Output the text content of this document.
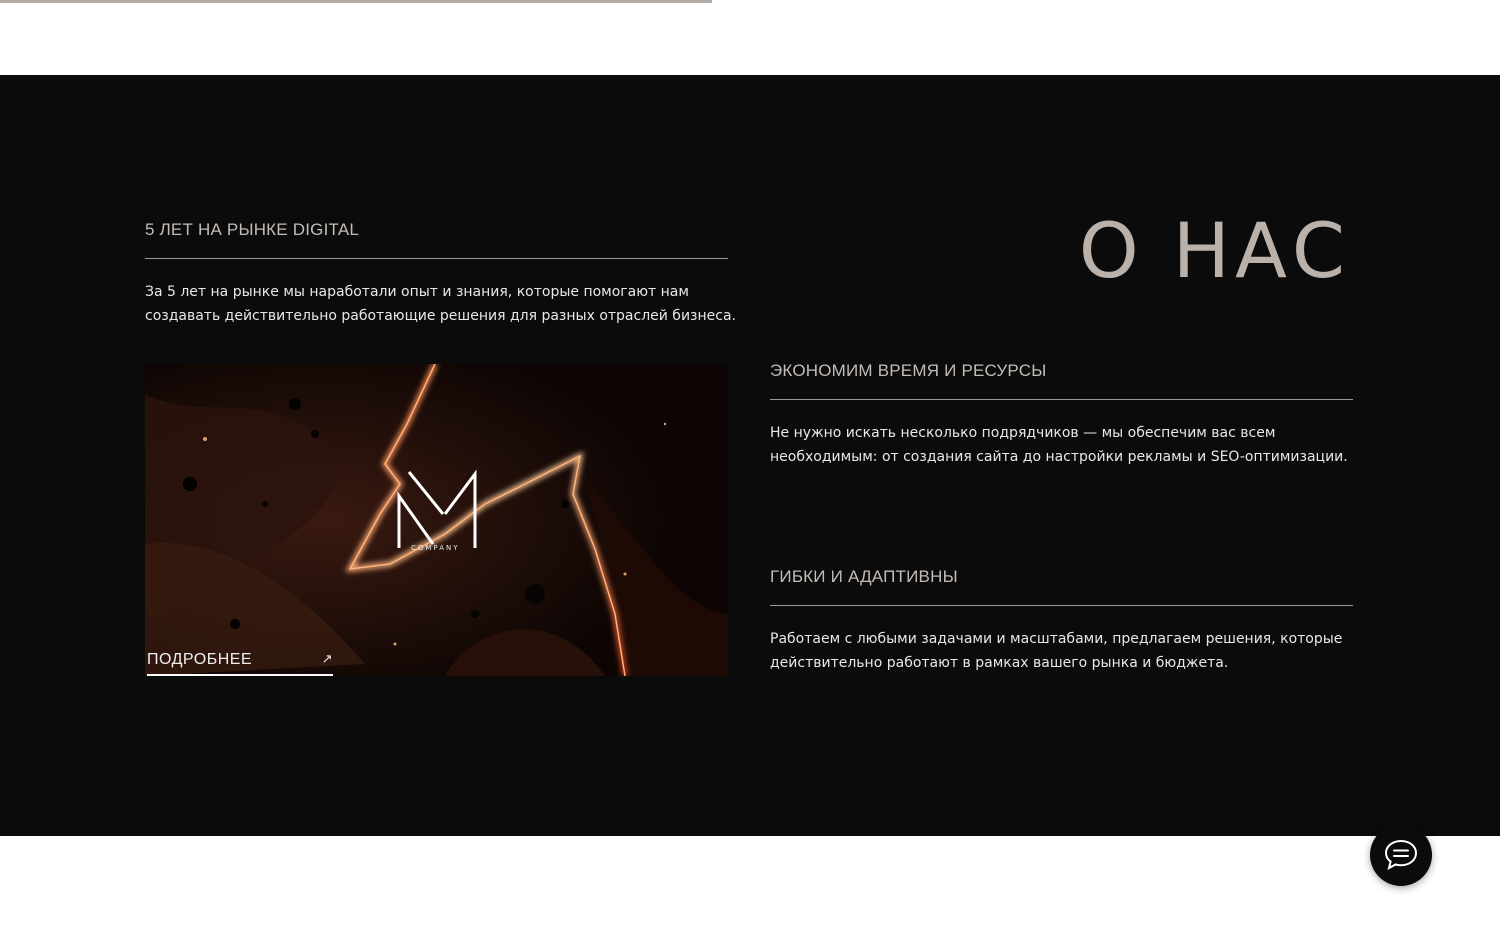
5 ЛЕТ НА РЫНКЕ DIGITAL

За 5 лет на рынке мы наработали опыт и знания, которые помогают нам
создавать действительно работающие решения для разных отраслей бизнеса.

О НАС
ЭКОНОМИМ ВРЕМЯ И РЕСУРСЫ

Не нужно искать несколько подрядчиков — мы обеспечим вас всем
необходимым: от создания сайта до настройки рекламы и SEO-оптимизации.

ГИБКИ И АДАПТИВНЫ

Работаем с любыми задачами и масштабами, предлагаем решения, которые
действительно работают в рамках вашего рынка и бюджета.

COMPANY
ПОДРОБНЕЕ	↗
